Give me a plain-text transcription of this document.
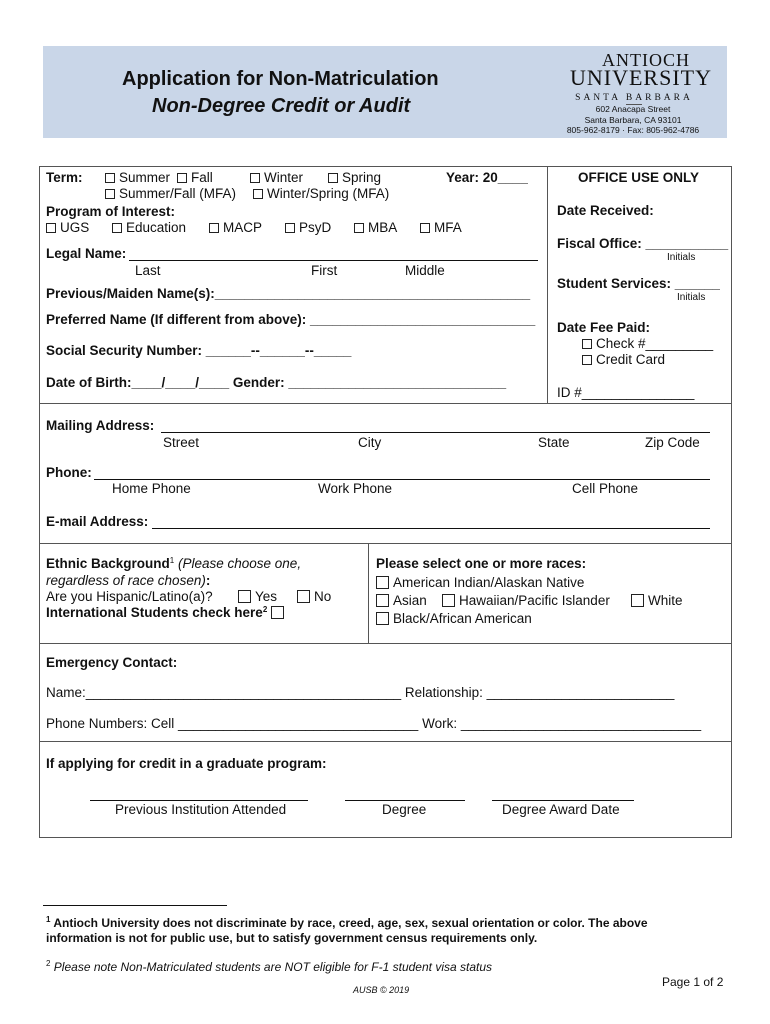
Application for Non-Matriculation
Non-Degree Credit or Audit
ANTIOCH
UNIVERSITY
SANTA BARBARA
602 Anacapa Street
Santa Barbara, CA 93101
805-962-8179 · Fax: 805-962-4786
Term:	Summer	Fall	Winter	Spring	Year: 20____
Summer/Fall (MFA)	Winter/Spring (MFA)
Program of Interest:
UGS	Education	MACP	PsyD	MBA	MFA
Legal Name:
Last	First	Middle
Previous/Maiden Name(s):__________________________________________
Preferred Name (If different from above): ______________________________
Social Security Number: ______--______--_____
Date of Birth:____/____/____ Gender: _____________________________
OFFICE USE ONLY
Date Received:
Fiscal Office: ___________
Initials
Student Services: ______
Initials
Date Fee Paid:
Check #_________
Credit Card
ID #_______________
Mailing Address:
Street	City	State	Zip Code
Phone:
Home Phone	Work Phone	Cell Phone
E-mail Address:
Ethnic Background$^1$ (Please choose one,
regardless of race chosen):
Are you Hispanic/Latino(a)?	Yes	No
International Students check here$^2$
Please select one or more races:
American Indian/Alaskan Native
Asian	Hawaiian/Pacific Islander	White
Black/African American
Emergency Contact:
Name:__________________________________________ Relationship: _________________________
Phone Numbers: Cell ________________________________ Work: ________________________________
If applying for credit in a graduate program:
Previous Institution Attended	Degree	Degree Award Date
$^1$ Antioch University does not discriminate by race, creed, age, sex, sexual orientation or color. The above
information is not for public use, but to satisfy government census requirements only.
$^2$ Please note Non-Matriculated students are NOT eligible for F-1 student visa status
AUSB © 2019
Page 1 of 2
